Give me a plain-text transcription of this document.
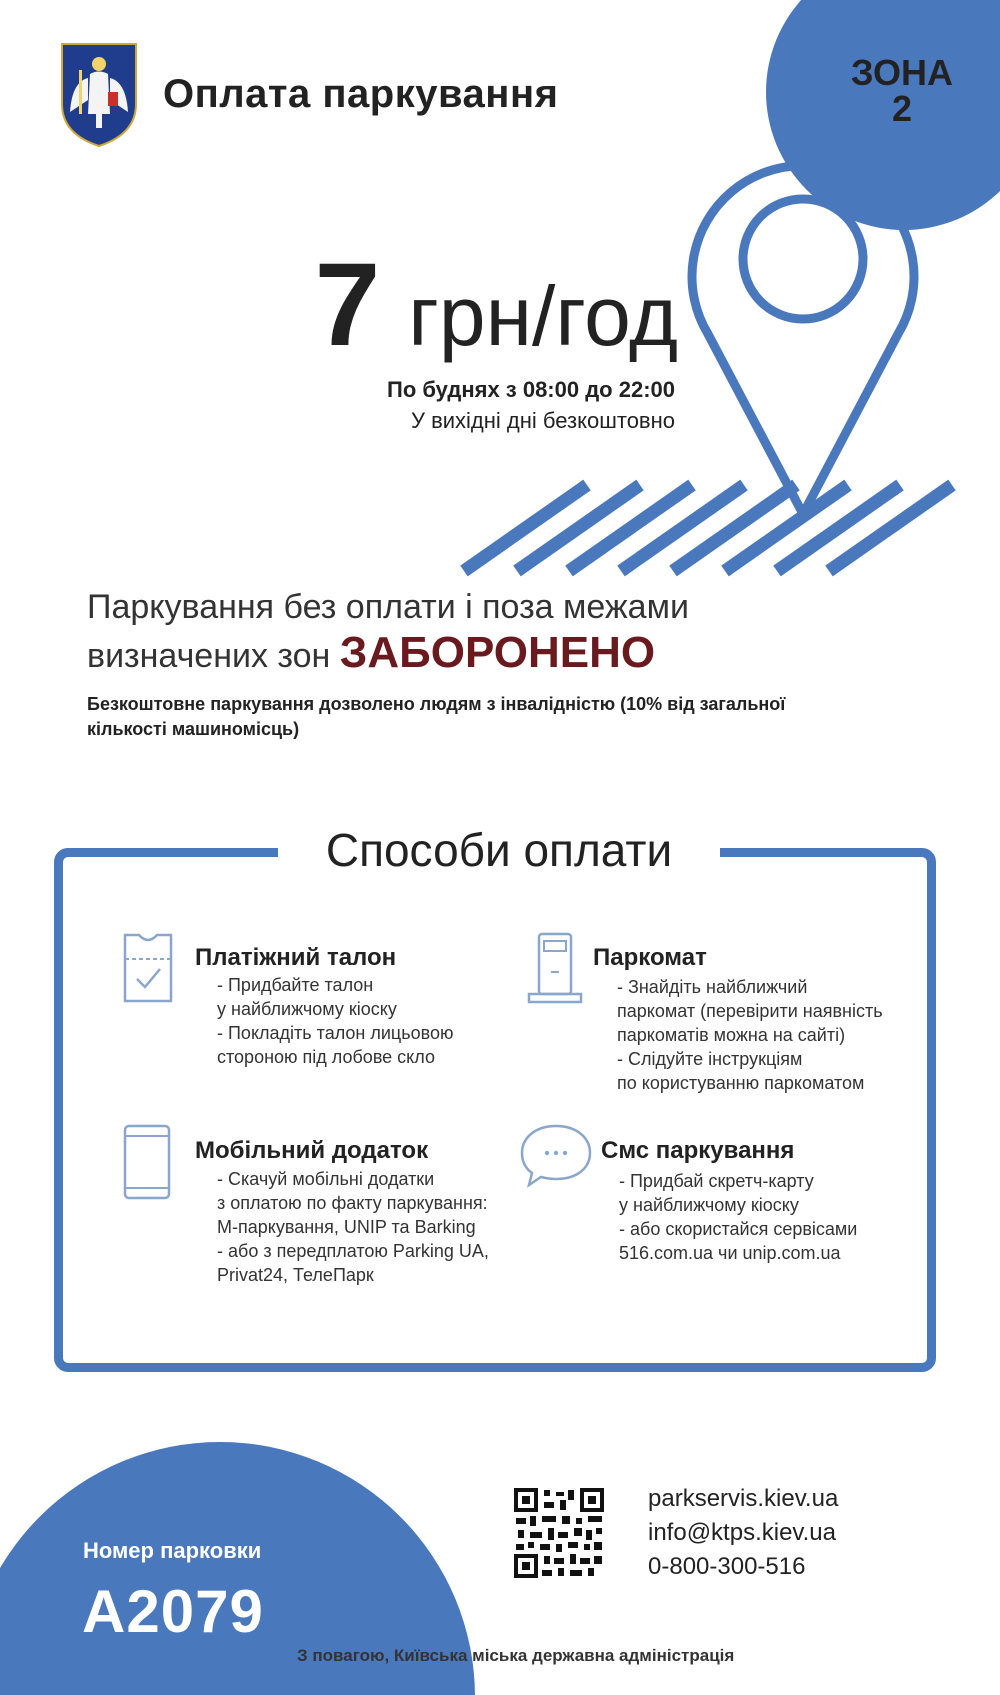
Оплата паркування	ЗОНА
2
7 грн/год
По буднях з 08:00 до 22:00
У вихідні дні безкоштовно
Паркування без оплати і поза межами
визначених зон ЗАБОРОНЕНО
Безкоштовне паркування дозволено людям з інвалідністю (10% від загальної кількості машиномісць)
Способи оплати
Платіжний талон
- Придбайте талон
у найближчому кіоску
- Покладіть талон лицьовою
стороною під лобове скло
Паркомат
- Знайдіть найближчий
паркомат (перевірити наявність
паркоматів можна на сайті)
- Слідуйте інструкціям
по користуванню паркоматом
Мобільний додаток
- Скачуй мобільні додатки
з оплатою по факту паркування:
М-паркування, UNIP та Barking
- або з передплатою Parking UA,
Privat24, ТелеПарк
Смс паркування
- Придбай скретч-карту
у найближчому кіоску
- або скористайся сервісами
516.com.ua чи unip.com.ua
Номер парковки
А2079
parkservis.kiev.ua
info@ktps.kiev.ua
0-800-300-516
З повагою, Київська міська державна адміністрація
